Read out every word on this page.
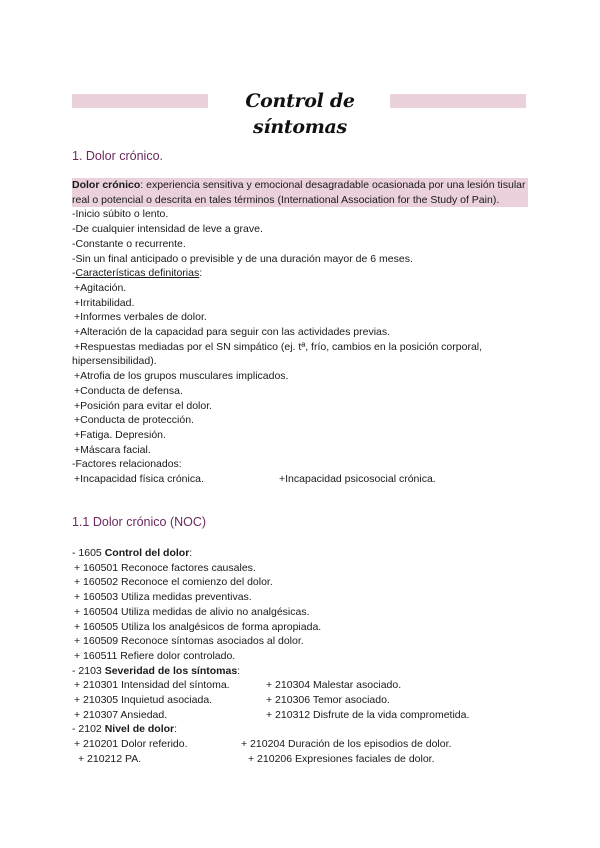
Control de síntomas
1. Dolor crónico.

Dolor crónico: experiencia sensitiva y emocional desagradable ocasionada por una lesión tisular real o potencial o descrita en tales términos (International Association for the Study of Pain).

-Inicio súbito o lento.

-De cualquier intensidad de leve a grave.

-Constante o recurrente.

-Sin un final anticipado o previsible y de una duración mayor de 6 meses.

-Características definitorias:

+Agitación.

+Irritabilidad.

+Informes verbales de dolor.

+Alteración de la capacidad para seguir con las actividades previas.

+Respuestas mediadas por el SN simpático (ej. tª, frío, cambios en la posición corporal,

hipersensibilidad).

+Atrofia de los grupos musculares implicados.

+Conducta de defensa.

+Posición para evitar el dolor.

+Conducta de protección.

+Fatiga. Depresión.

+Máscara facial.

-Factores relacionados:

+Incapacidad física crónica.	+Incapacidad psicosocial crónica.
1.1 Dolor crónico (NOC)

- 1605 Control del dolor:

+ 160501 Reconoce factores causales.

+ 160502 Reconoce el comienzo del dolor.

+ 160503 Utiliza medidas preventivas.

+ 160504 Utiliza medidas de alivio no analgésicas.

+ 160505 Utiliza los analgésicos de forma apropiada.

+ 160509 Reconoce síntomas asociados al dolor.

+ 160511 Refiere dolor controlado.

- 2103 Severidad de los síntomas:

+ 210301 Intensidad del síntoma.	+ 210304 Malestar asociado.
+ 210305 Inquietud asociada.	+ 210306 Temor asociado.
+ 210307 Ansiedad.	+ 210312 Disfrute de la vida comprometida.

- 2102 Nivel de dolor:

+ 210201 Dolor referido.	+ 210204 Duración de los episodios de dolor.
+ 210212 PA.	+ 210206 Expresiones faciales de dolor.
